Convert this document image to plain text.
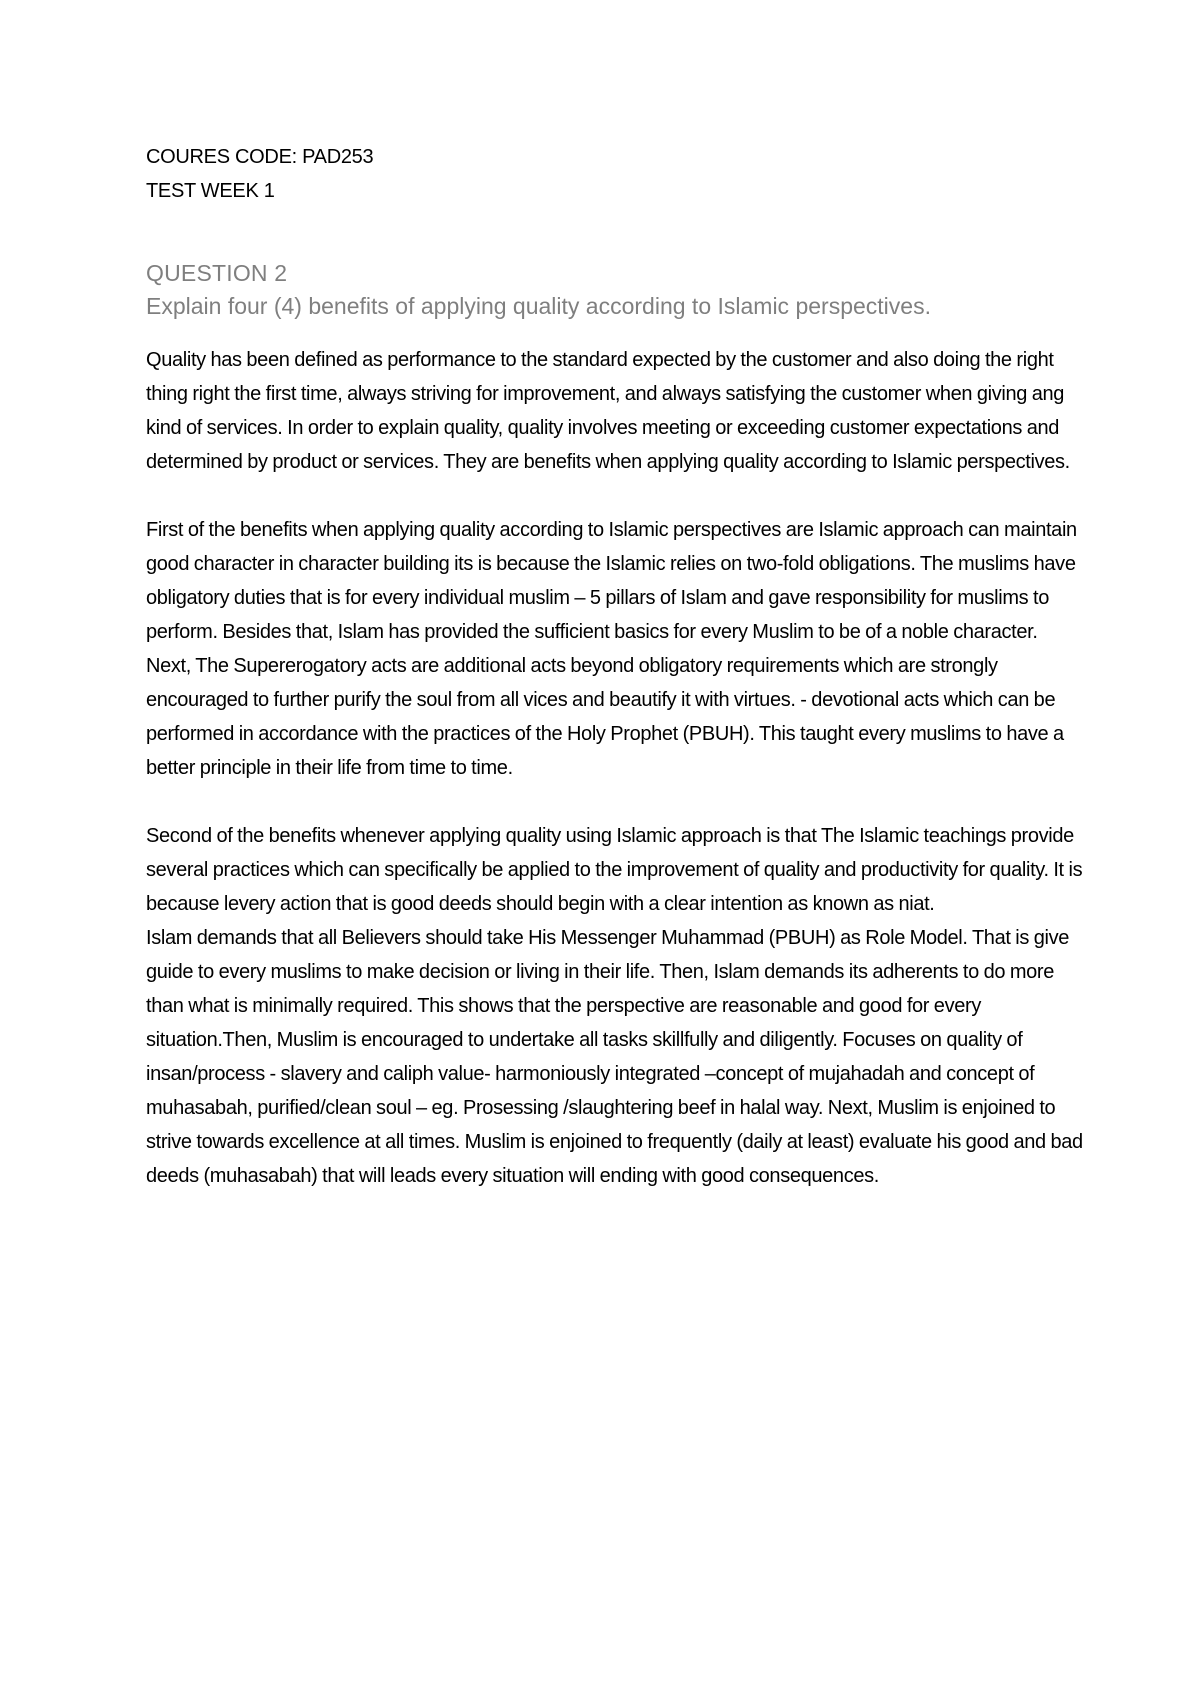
COURES CODE: PAD253
TEST WEEK 1
QUESTION 2
Explain four (4) benefits of applying quality according to Islamic perspectives.

Quality has been defined as performance to the standard expected by the customer and also doing the right thing right the first time, always striving for improvement, and always satisfying the customer when giving ang kind of services. In order to explain quality, quality involves meeting or exceeding customer expectations and determined by product or services. They are benefits when applying quality according to Islamic perspectives.

First of the benefits when applying quality according to Islamic perspectives are Islamic approach can maintain good character in character building its is because the Islamic relies on two-fold obligations. The muslims have obligatory duties that is for every individual muslim – 5 pillars of Islam and gave responsibility for muslims to perform. Besides that, Islam has provided the sufficient basics for every Muslim to be of a noble character. Next, The Supererogatory acts are additional acts beyond obligatory requirements which are strongly encouraged to further purify the soul from all vices and beautify it with virtues. - devotional acts which can be performed in accordance with the practices of the Holy Prophet (PBUH). This taught every muslims to have a better principle in their life from time to time.

Second of the benefits whenever applying quality using Islamic approach is that The Islamic teachings provide several practices which can specifically be applied to the improvement of quality and productivity for quality. It is because levery action that is good deeds should begin with a clear intention as known as niat.

Islam demands that all Believers should take His Messenger Muhammad (PBUH) as Role Model. That is give guide to every muslims to make decision or living in their life. Then, Islam demands its adherents to do more than what is minimally required. This shows that the perspective are reasonable and good for every situation.Then, Muslim is encouraged to undertake all tasks skillfully and diligently. Focuses on quality of insan/process - slavery and caliph value- harmoniously integrated –concept of mujahadah and concept of muhasabah, purified/clean soul – eg. Prosessing /slaughtering beef in halal way. Next, Muslim is enjoined to strive towards excellence at all times. Muslim is enjoined to frequently (daily at least) evaluate his good and bad deeds (muhasabah) that will leads every situation will ending with good consequences.
